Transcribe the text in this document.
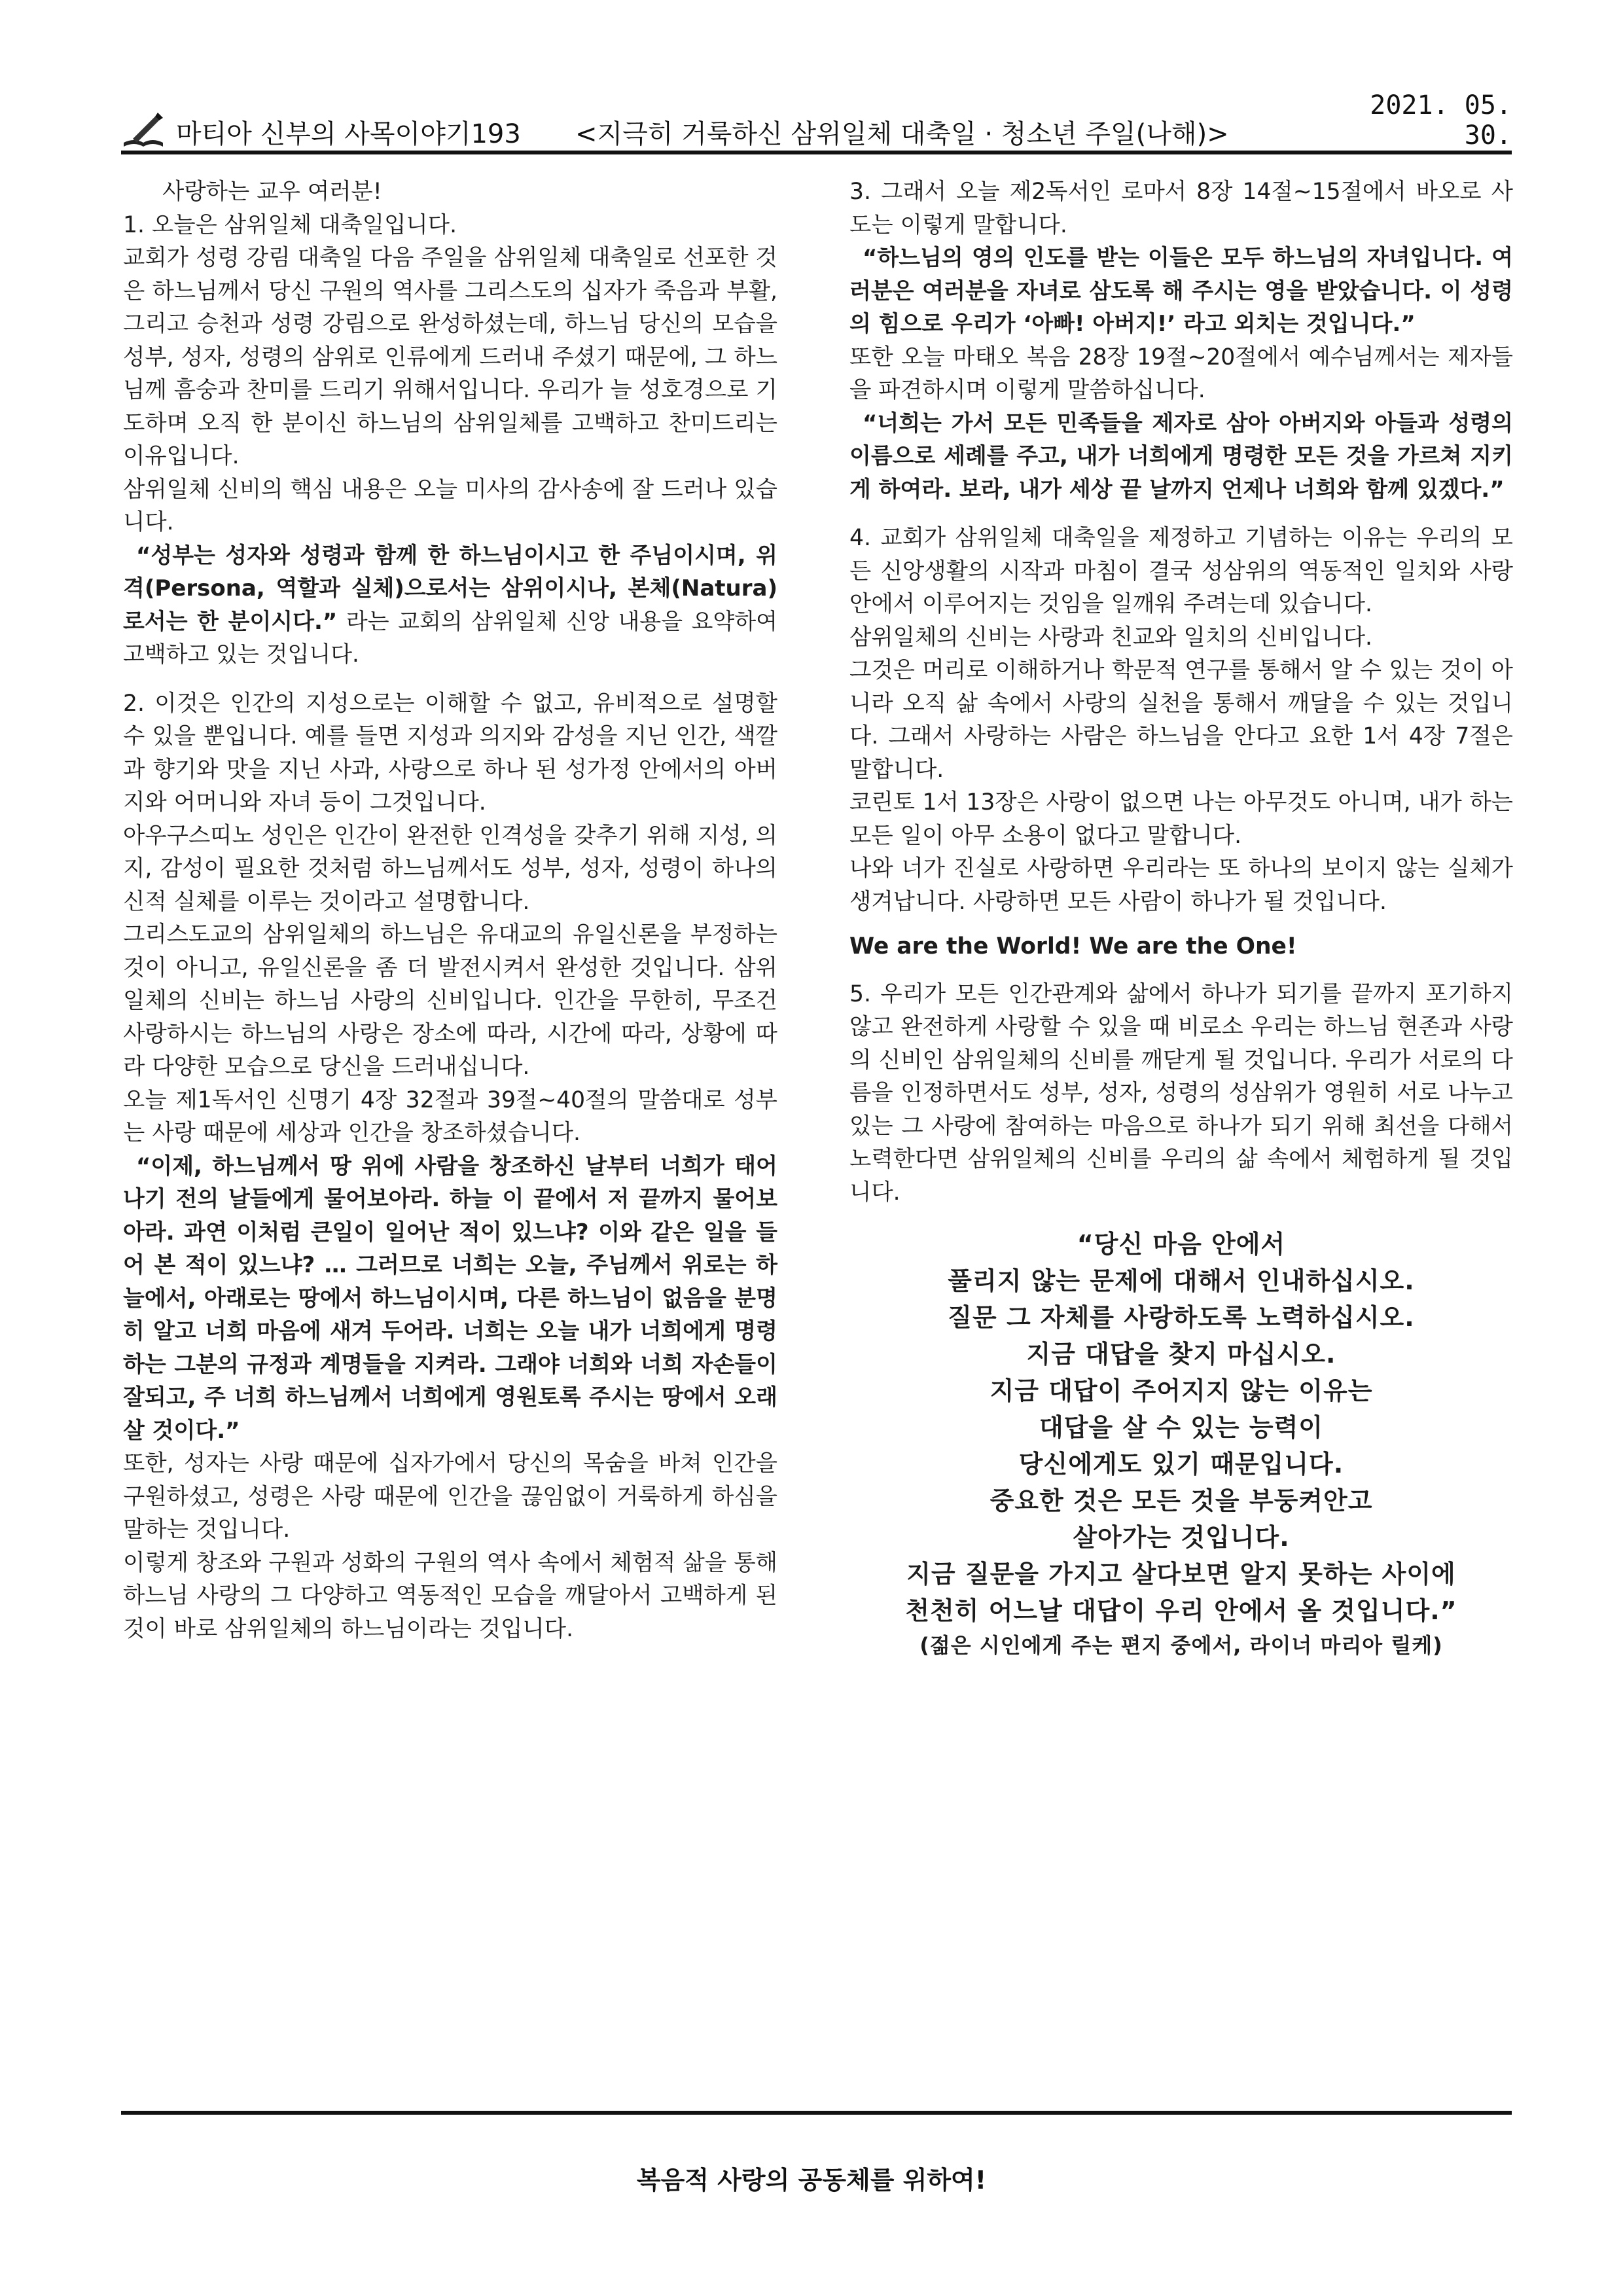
마티아 신부의 사목이야기193	<지극히 거룩하신 삼위일체 대축일 · 청소년 주일(나해)>
2021. 05. 30.

사랑하는 교우 여러분!

1. 오늘은 삼위일체 대축일입니다.

교회가 성령 강림 대축일 다음 주일을 삼위일체 대축일로 선포한 것은 하느님께서 당신 구원의 역사를 그리스도의 십자가 죽음과 부활, 그리고 승천과 성령 강림으로 완성하셨는데, 하느님 당신의 모습을 성부, 성자, 성령의 삼위로 인류에게 드러내 주셨기 때문에, 그 하느님께 흠숭과 찬미를 드리기 위해서입니다. 우리가 늘 성호경으로 기도하며 오직 한 분이신 하느님의 삼위일체를 고백하고 찬미드리는 이유입니다.

삼위일체 신비의 핵심 내용은 오늘 미사의 감사송에 잘 드러나 있습니다.

“성부는 성자와 성령과 함께 한 하느님이시고 한 주님이시며, 위격(Persona, 역할과 실체)으로서는 삼위이시나, 본체(Natura)로서는 한 분이시다.” 라는 교회의 삼위일체 신앙 내용을 요약하여 고백하고 있는 것입니다.

2. 이것은 인간의 지성으로는 이해할 수 없고, 유비적으로 설명할 수 있을 뿐입니다. 예를 들면 지성과 의지와 감성을 지닌 인간, 색깔과 향기와 맛을 지닌 사과, 사랑으로 하나 된 성가정 안에서의 아버지와 어머니와 자녀 등이 그것입니다.

아우구스띠노 성인은 인간이 완전한 인격성을 갖추기 위해 지성, 의지, 감성이 필요한 것처럼 하느님께서도 성부, 성자, 성령이 하나의 신적 실체를 이루는 것이라고 설명합니다.

그리스도교의 삼위일체의 하느님은 유대교의 유일신론을 부정하는 것이 아니고, 유일신론을 좀 더 발전시켜서 완성한 것입니다. 삼위일체의 신비는 하느님 사랑의 신비입니다. 인간을 무한히, 무조건 사랑하시는 하느님의 사랑은 장소에 따라, 시간에 따라, 상황에 따라 다양한 모습으로 당신을 드러내십니다.

오늘 제1독서인 신명기 4장 32절과 39절~40절의 말씀대로 성부는 사랑 때문에 세상과 인간을 창조하셨습니다.

“이제, 하느님께서 땅 위에 사람을 창조하신 날부터 너희가 태어나기 전의 날들에게 물어보아라. 하늘 이 끝에서 저 끝까지 물어보아라. 과연 이처럼 큰일이 일어난 적이 있느냐? 이와 같은 일을 들어 본 적이 있느냐? … 그러므로 너희는 오늘, 주님께서 위로는 하늘에서, 아래로는 땅에서 하느님이시며, 다른 하느님이 없음을 분명히 알고 너희 마음에 새겨 두어라. 너희는 오늘 내가 너희에게 명령하는 그분의 규정과 계명들을 지켜라. 그래야 너희와 너희 자손들이 잘되고, 주 너희 하느님께서 너희에게 영원토록 주시는 땅에서 오래 살 것이다.”

또한, 성자는 사랑 때문에 십자가에서 당신의 목숨을 바쳐 인간을 구원하셨고, 성령은 사랑 때문에 인간을 끊임없이 거룩하게 하심을 말하는 것입니다.

이렇게 창조와 구원과 성화의 구원의 역사 속에서 체험적 삶을 통해 하느님 사랑의 그 다양하고 역동적인 모습을 깨달아서 고백하게 된 것이 바로 삼위일체의 하느님이라는 것입니다.

3. 그래서 오늘 제2독서인 로마서 8장 14절~15절에서 바오로 사도는 이렇게 말합니다.

“하느님의 영의 인도를 받는 이들은 모두 하느님의 자녀입니다. 여러분은 여러분을 자녀로 삼도록 해 주시는 영을 받았습니다. 이 성령의 힘으로 우리가 ‘아빠! 아버지!’ 라고 외치는 것입니다.”

또한 오늘 마태오 복음 28장 19절~20절에서 예수님께서는 제자들을 파견하시며 이렇게 말씀하십니다.

“너희는 가서 모든 민족들을 제자로 삼아 아버지와 아들과 성령의 이름으로 세례를 주고, 내가 너희에게 명령한 모든 것을 가르쳐 지키게 하여라. 보라, 내가 세상 끝 날까지 언제나 너희와 함께 있겠다.”

4. 교회가 삼위일체 대축일을 제정하고 기념하는 이유는 우리의 모든 신앙생활의 시작과 마침이 결국 성삼위의 역동적인 일치와 사랑 안에서 이루어지는 것임을 일깨워 주려는데 있습니다.

삼위일체의 신비는 사랑과 친교와 일치의 신비입니다.

그것은 머리로 이해하거나 학문적 연구를 통해서 알 수 있는 것이 아니라 오직 삶 속에서 사랑의 실천을 통해서 깨달을 수 있는 것입니다. 그래서 사랑하는 사람은 하느님을 안다고 요한 1서 4장 7절은 말합니다.

코린토 1서 13장은 사랑이 없으면 나는 아무것도 아니며, 내가 하는 모든 일이 아무 소용이 없다고 말합니다.

나와 너가 진실로 사랑하면 우리라는 또 하나의 보이지 않는 실체가 생겨납니다. 사랑하면 모든 사람이 하나가 될 것입니다.

We are the World! We are the One!

5. 우리가 모든 인간관계와 삶에서 하나가 되기를 끝까지 포기하지 않고 완전하게 사랑할 수 있을 때 비로소 우리는 하느님 현존과 사랑의 신비인 삼위일체의 신비를 깨닫게 될 것입니다. 우리가 서로의 다름을 인정하면서도 성부, 성자, 성령의 성삼위가 영원히 서로 나누고 있는 그 사랑에 참여하는 마음으로 하나가 되기 위해 최선을 다해서 노력한다면 삼위일체의 신비를 우리의 삶 속에서 체험하게 될 것입니다.

“당신 마음 안에서
풀리지 않는 문제에 대해서 인내하십시오.
질문 그 자체를 사랑하도록 노력하십시오.
지금 대답을 찾지 마십시오.
지금 대답이 주어지지 않는 이유는
대답을 살 수 있는 능력이
당신에게도 있기 때문입니다.
중요한 것은 모든 것을 부둥켜안고
살아가는 것입니다.
지금 질문을 가지고 살다보면 알지 못하는 사이에
천천히 어느날 대답이 우리 안에서 올 것입니다.”
(젊은 시인에게 주는 편지 중에서, 라이너 마리아 릴케)
복음적 사랑의 공동체를 위하여!
